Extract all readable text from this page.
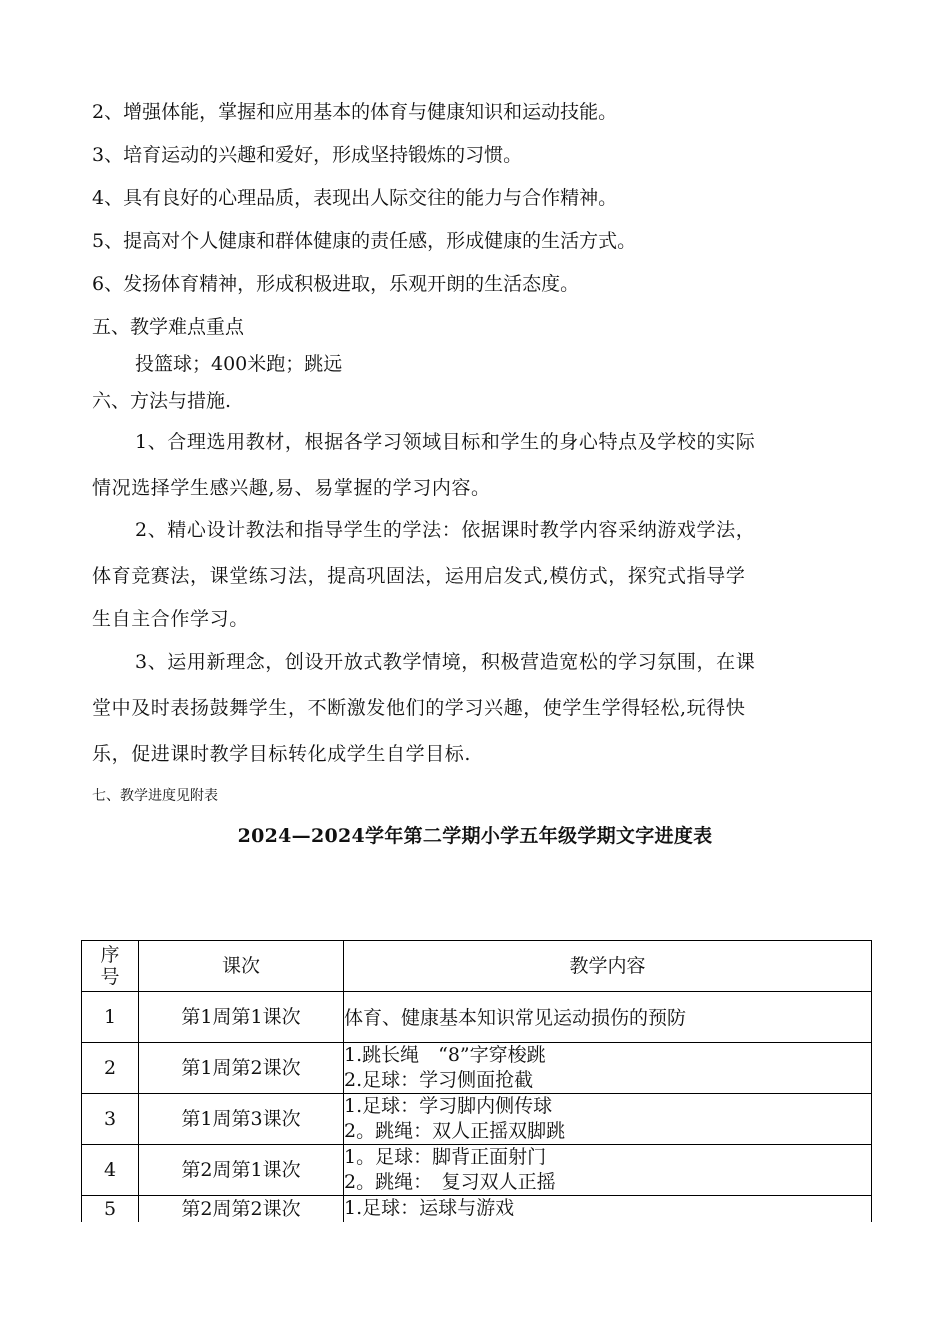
2、增强体能，掌握和应用基本的体育与健康知识和运动技能。
3、培育运动的兴趣和爱好，形成坚持锻炼的习惯。
4、具有良好的心理品质，表现出人际交往的能力与合作精神。
5、提高对个人健康和群体健康的责任感，形成健康的生活方式。
6、发扬体育精神，形成积极进取，乐观开朗的生活态度。
五、教学难点重点
投篮球；400米跑；跳远
六、方法与措施.
1、合理选用教材，根据各学习领域目标和学生的身心特点及学校的实际
情况选择学生感兴趣,易、易掌握的学习内容。
2、精心设计教法和指导学生的学法：依据课时教学内容采纳游戏学法，
体育竞赛法，课堂练习法，提高巩固法，运用启发式,模仿式，探究式指导学
生自主合作学习。
3、运用新理念，创设开放式教学情境，积极营造宽松的学习氛围，在课
堂中及时表扬鼓舞学生，不断激发他们的学习兴趣，使学生学得轻松,玩得快
乐，促进课时教学目标转化成学生自学目标.
七、教学进度见附表
2024—2024学年第二学期小学五年级学期文字进度表
序
号	课次	教学内容
1	第1周第1课次	体育、健康基本知识常见运动损伤的预防

2	第1周第2课次	1.跳长绳　“8”字穿梭跳
2.足球：学习侧面抢截

3	第1周第3课次	1.足球：学习脚内侧传球
2。跳绳：双人正摇双脚跳

4	第2周第1课次	1。足球：脚背正面射门
2。跳绳：　复习双人正摇

5	第2周第2课次	1.足球：运球与游戏
